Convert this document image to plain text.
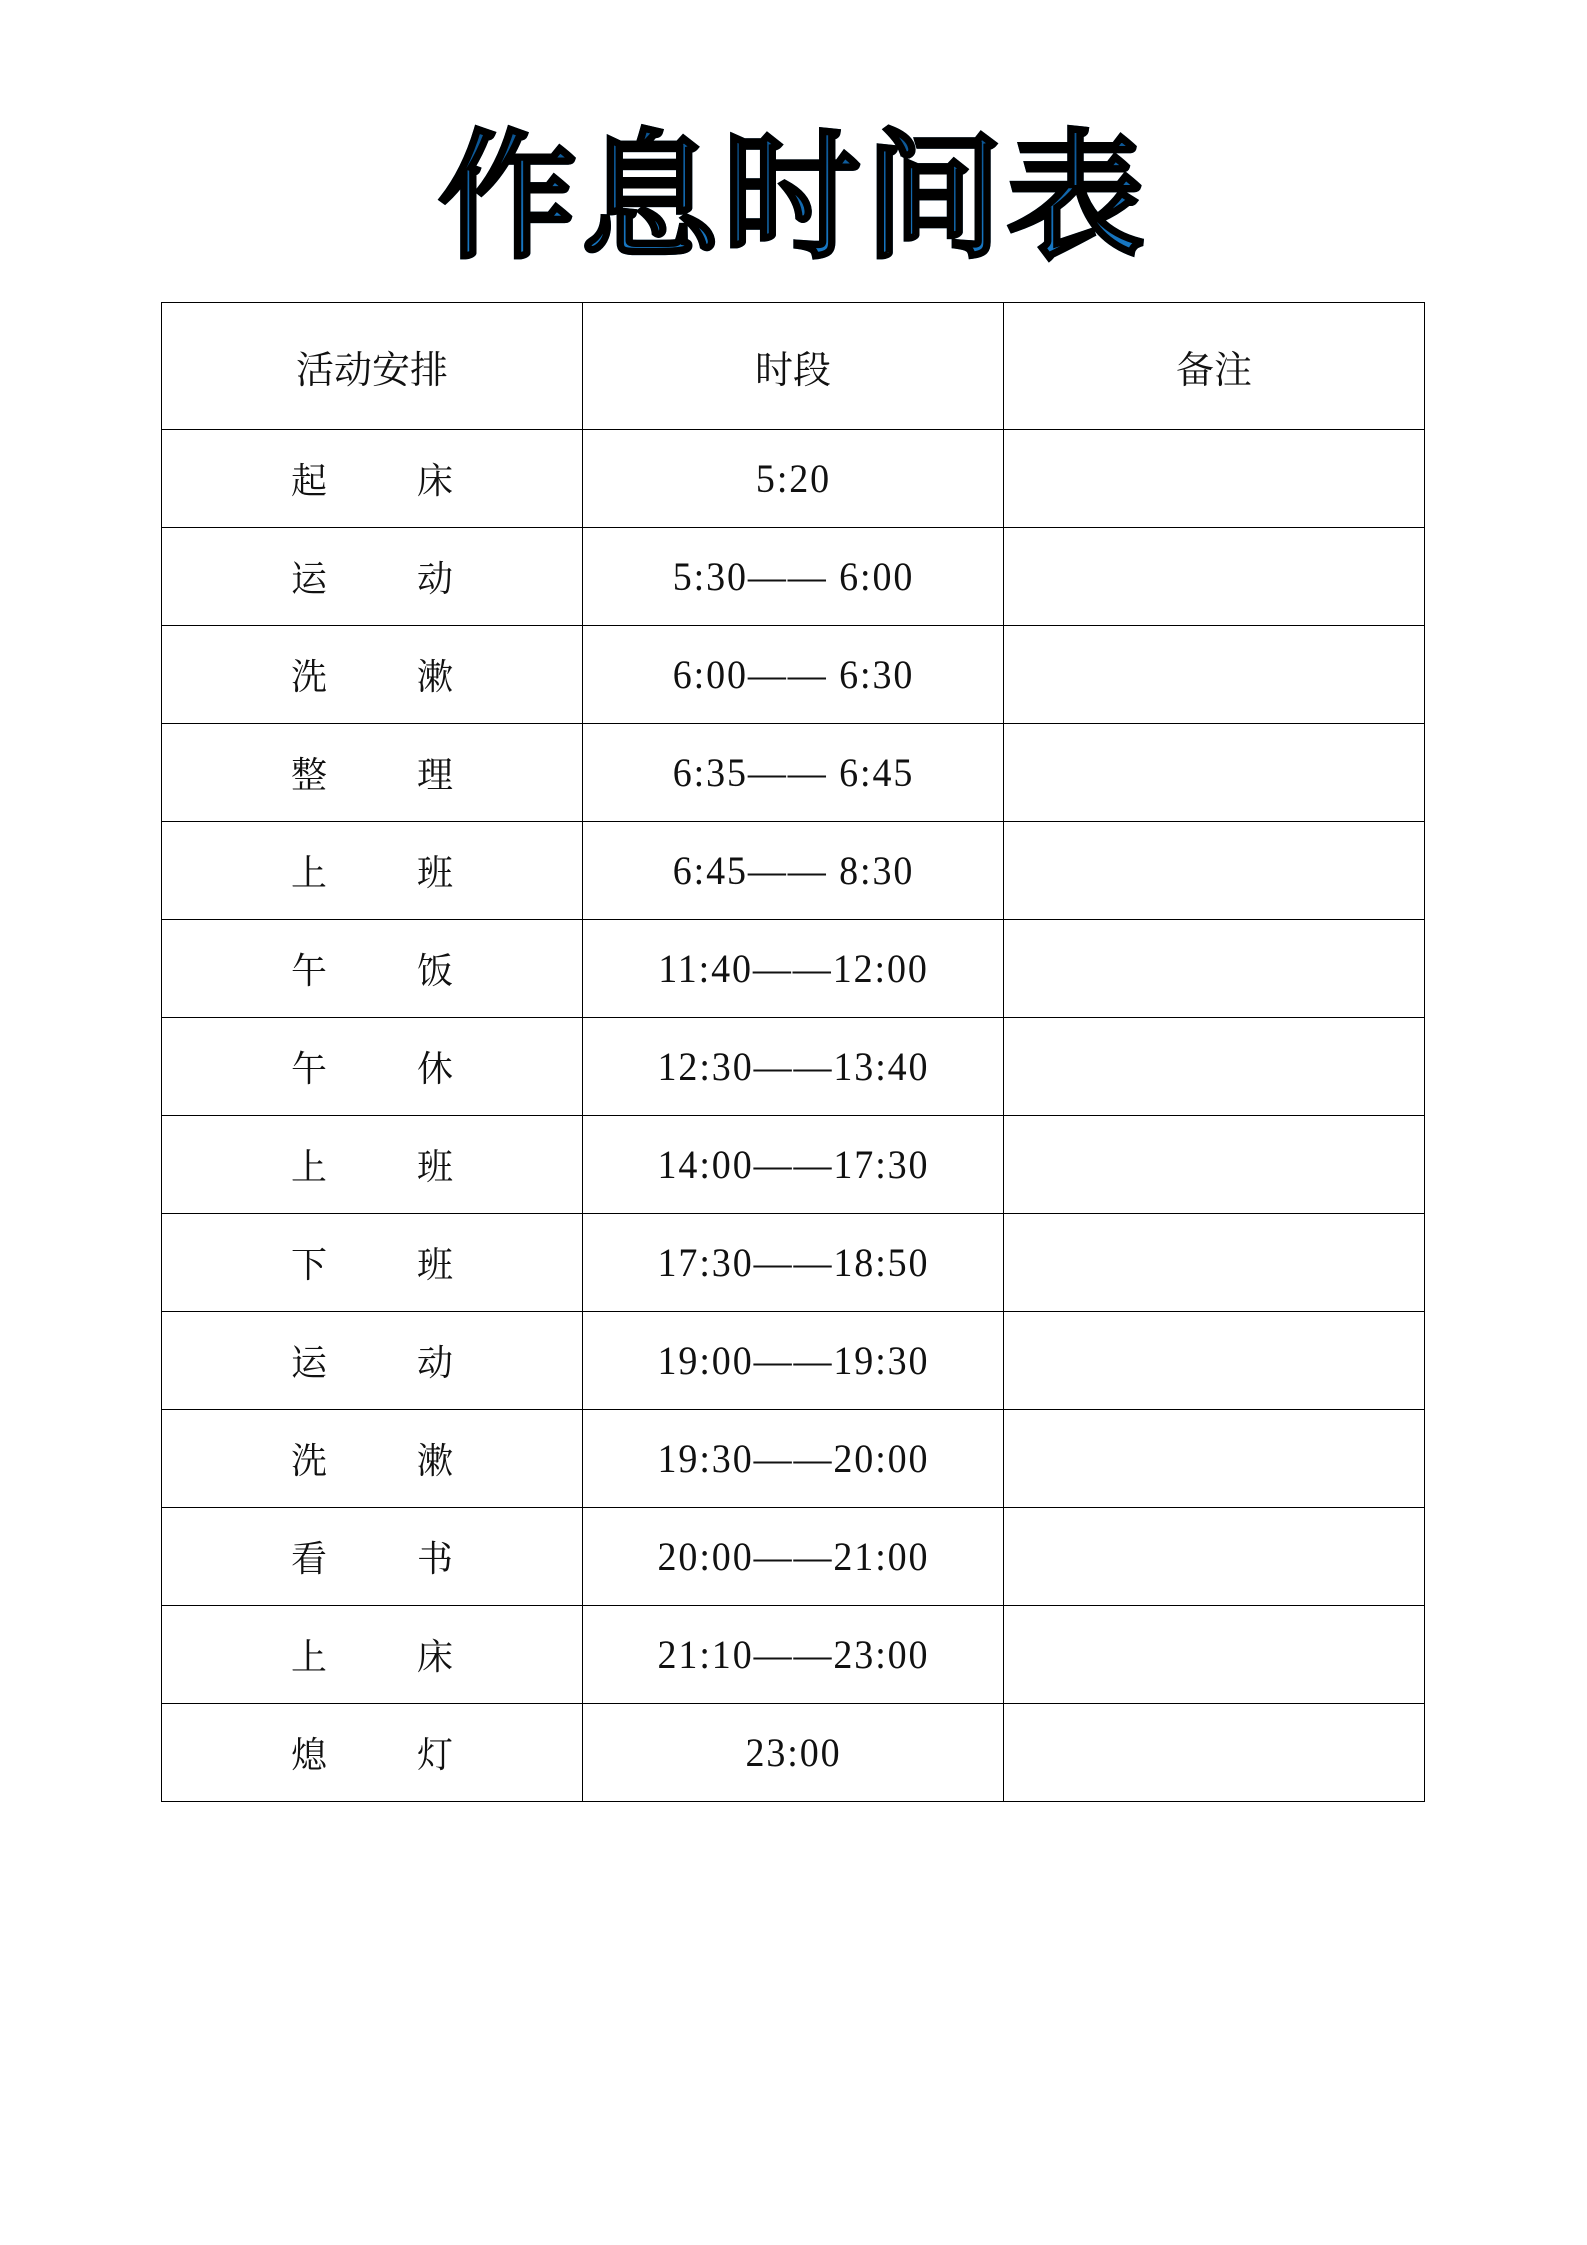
作息时间表
活动安排	时段	备注
起 床	5:20	
运 动	5:30—— 6:00	
洗 漱	6:00—— 6:30	
整 理	6:35—— 6:45	
上 班	6:45—— 8:30	
午 饭	11:40——12:00	
午 休	12:30——13:40	
上 班	14:00——17:30	
下 班	17:30——18:50	
运 动	19:00——19:30	
洗 漱	19:30——20:00	
看 书	20:00——21:00	
上 床	21:10——23:00	
熄 灯	23:00	
